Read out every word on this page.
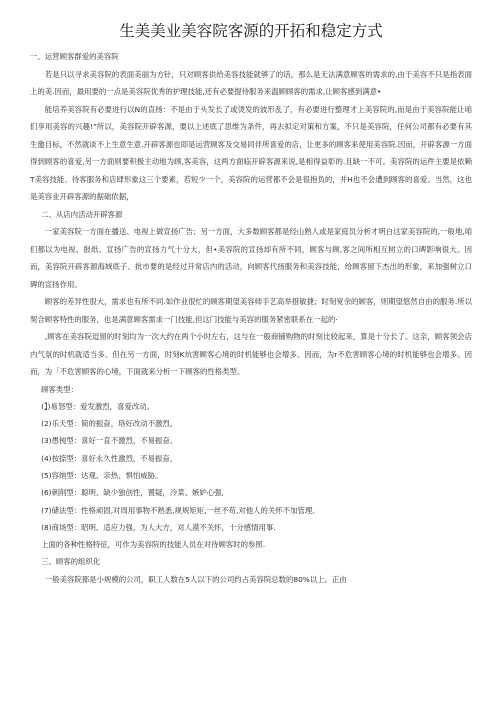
生美美业美容院客源的开拓和稳定方式

一、运营顾客群爱的美容院

若是只以寻求美容院的表面美丽为方针，只对顾客供给美容技能就够了的话，那么是无法满意顾客的需求的,由于美容不只是指表面上的美.因而，最用要的一点是美容院优秀的护理技能,还有必要提待服务来温顾顾客的需求,让顾客感到满意•

能培养美容院有必要进行以N的直扬：不是由于头发长了或烫发的波形乱了，有必要进行整理才上美容院的,而是由于美容院能让咱们享用美容的兴趣!”所以，美容院开辟客源，要以上述底了思维为条件，再去拟定对策和方案，不只是美容院，任何公司都有必要有其生邀目标，不然就谈不上生意生意.开辟客源也即是运营顾客及交易同伴所喜爱的店，让更多的顾客来使用美容院.因而，开辟客源一方面得到顾客的喜爱,另一方面则要积极主动地为顾,客美容，这两方面临开辟客源来说,是相得益彰的.且缺一不可。美容院的运件主要是依赖T美容技能、待客服务和店肆形象这三个要素，若短少一个，美容院的运营都不会是很抱负的，并H也不会遭到顾客的喜爱。当然，这也是美容业开辟客源的据础依据，

二、从店内活动开辟客源

一家美容院一方面在播送、电视上做宣扬广告；另一方面，大多数顾客都是经山熟人或是家庭员分析才明白这家美容院的,一般地,咱们都以为电视、报纸、宣扬广告的宣扬力气十分大，但•美容院的宣扬却有所不同，顾客与顾,客之间所相互树立的口碑影响很大。因而，美容院开辟客源海域底子、批市要的是经过开常店内的活动，向顾客代扬服务和美容技能，给顾客留下杰出的形象，来加强树立口碑的宣扬作用。

顾客的差异性很大，需求也有所不同.如作业很忙的顾客期望美容师手艺高举措敏捷；时刻宽余的顾客，则期望悠然自由的服务.所以契合顾客特性的服务，也是满意顾客需求一门技能,但这门技能与美容的服务紧密联系在一起的·

,顾客在美容院逗留的时刻均为一次大约在两个小时左右，这与在一般商铺购物的时刻比较起来，算是十分长了。这亲，顾客领会店内气氛的时机就适当多。但在另一方面，时刻K炕害顾客心境的时机能够也会增多。因而，为r不危害顾客心境的时机能够也会增多。因而，为「不危害顾客的心境，下面就来分析一下顾客的性格类型。

顾客类型：

(】)易怒型：爱发激烈，喜爱改动。

(2)乐天型：简的振奋，珞好改动不激烈。

(3)愚钝型：喜好一直不激烈，不易振奋。

(4)按捺型：喜好永久性激烈，不易振奋，

(5)容纳型：达观、亲热、惧怕威胁。

(6)刺削型：聪明、缺少独创性，置疑，冷菜、嫉妒心强,

(7)储法型：性格顽固,对周用事物不熟悉,规规矩矩,一丝不苟,对他人的关怀不加管理。

(8)商场型：昭明、适应力强，为人大方，对人漠不关怀，十分感情用事.

上面的各种性格特征，可作为美容院的技能人员在对待顾客时的参照.

三、顾客的组织化

一般美容院都是小规模的公司，职工人数在5人以下的公司约占美容院总数的80%以上。正由
